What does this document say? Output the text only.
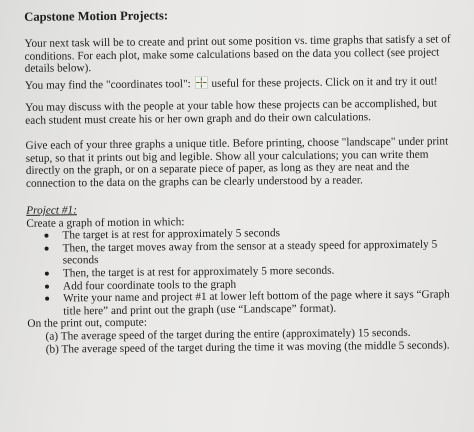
Capstone Motion Projects:

Your next task will be to create and print out some position vs. time graphs that satisfy a set of conditions. For each plot, make some calculations based on the data you collect (see project details below).

You may find the "coordinates tool": useful for these projects. Click on it and try it out!

You may discuss with the people at your table how these projects can be accomplished, but each student must create his or her own graph and do their own calculations.

Give each of your three graphs a unique title. Before printing, choose "landscape" under print setup, so that it prints out big and legible. Show all your calculations; you can write them directly on the graph, or on a separate piece of paper, as long as they are neat and the connection to the data on the graphs can be clearly understood by a reader.

Project #1:
Create a graph of motion in which:
The target is at rest for approximately 5 seconds
Then, the target moves away from the sensor at a steady speed for approximately 5 seconds
Then, the target is at rest for approximately 5 more seconds.
Add four coordinate tools to the graph
Write your name and project #1 at lower left bottom of the page where it says “Graph title here” and print out the graph (use “Landscape” format).
On the print out, compute:
(a) The average speed of the target during the entire (approximately) 15 seconds.
(b) The average speed of the target during the time it was moving (the middle 5 seconds).
